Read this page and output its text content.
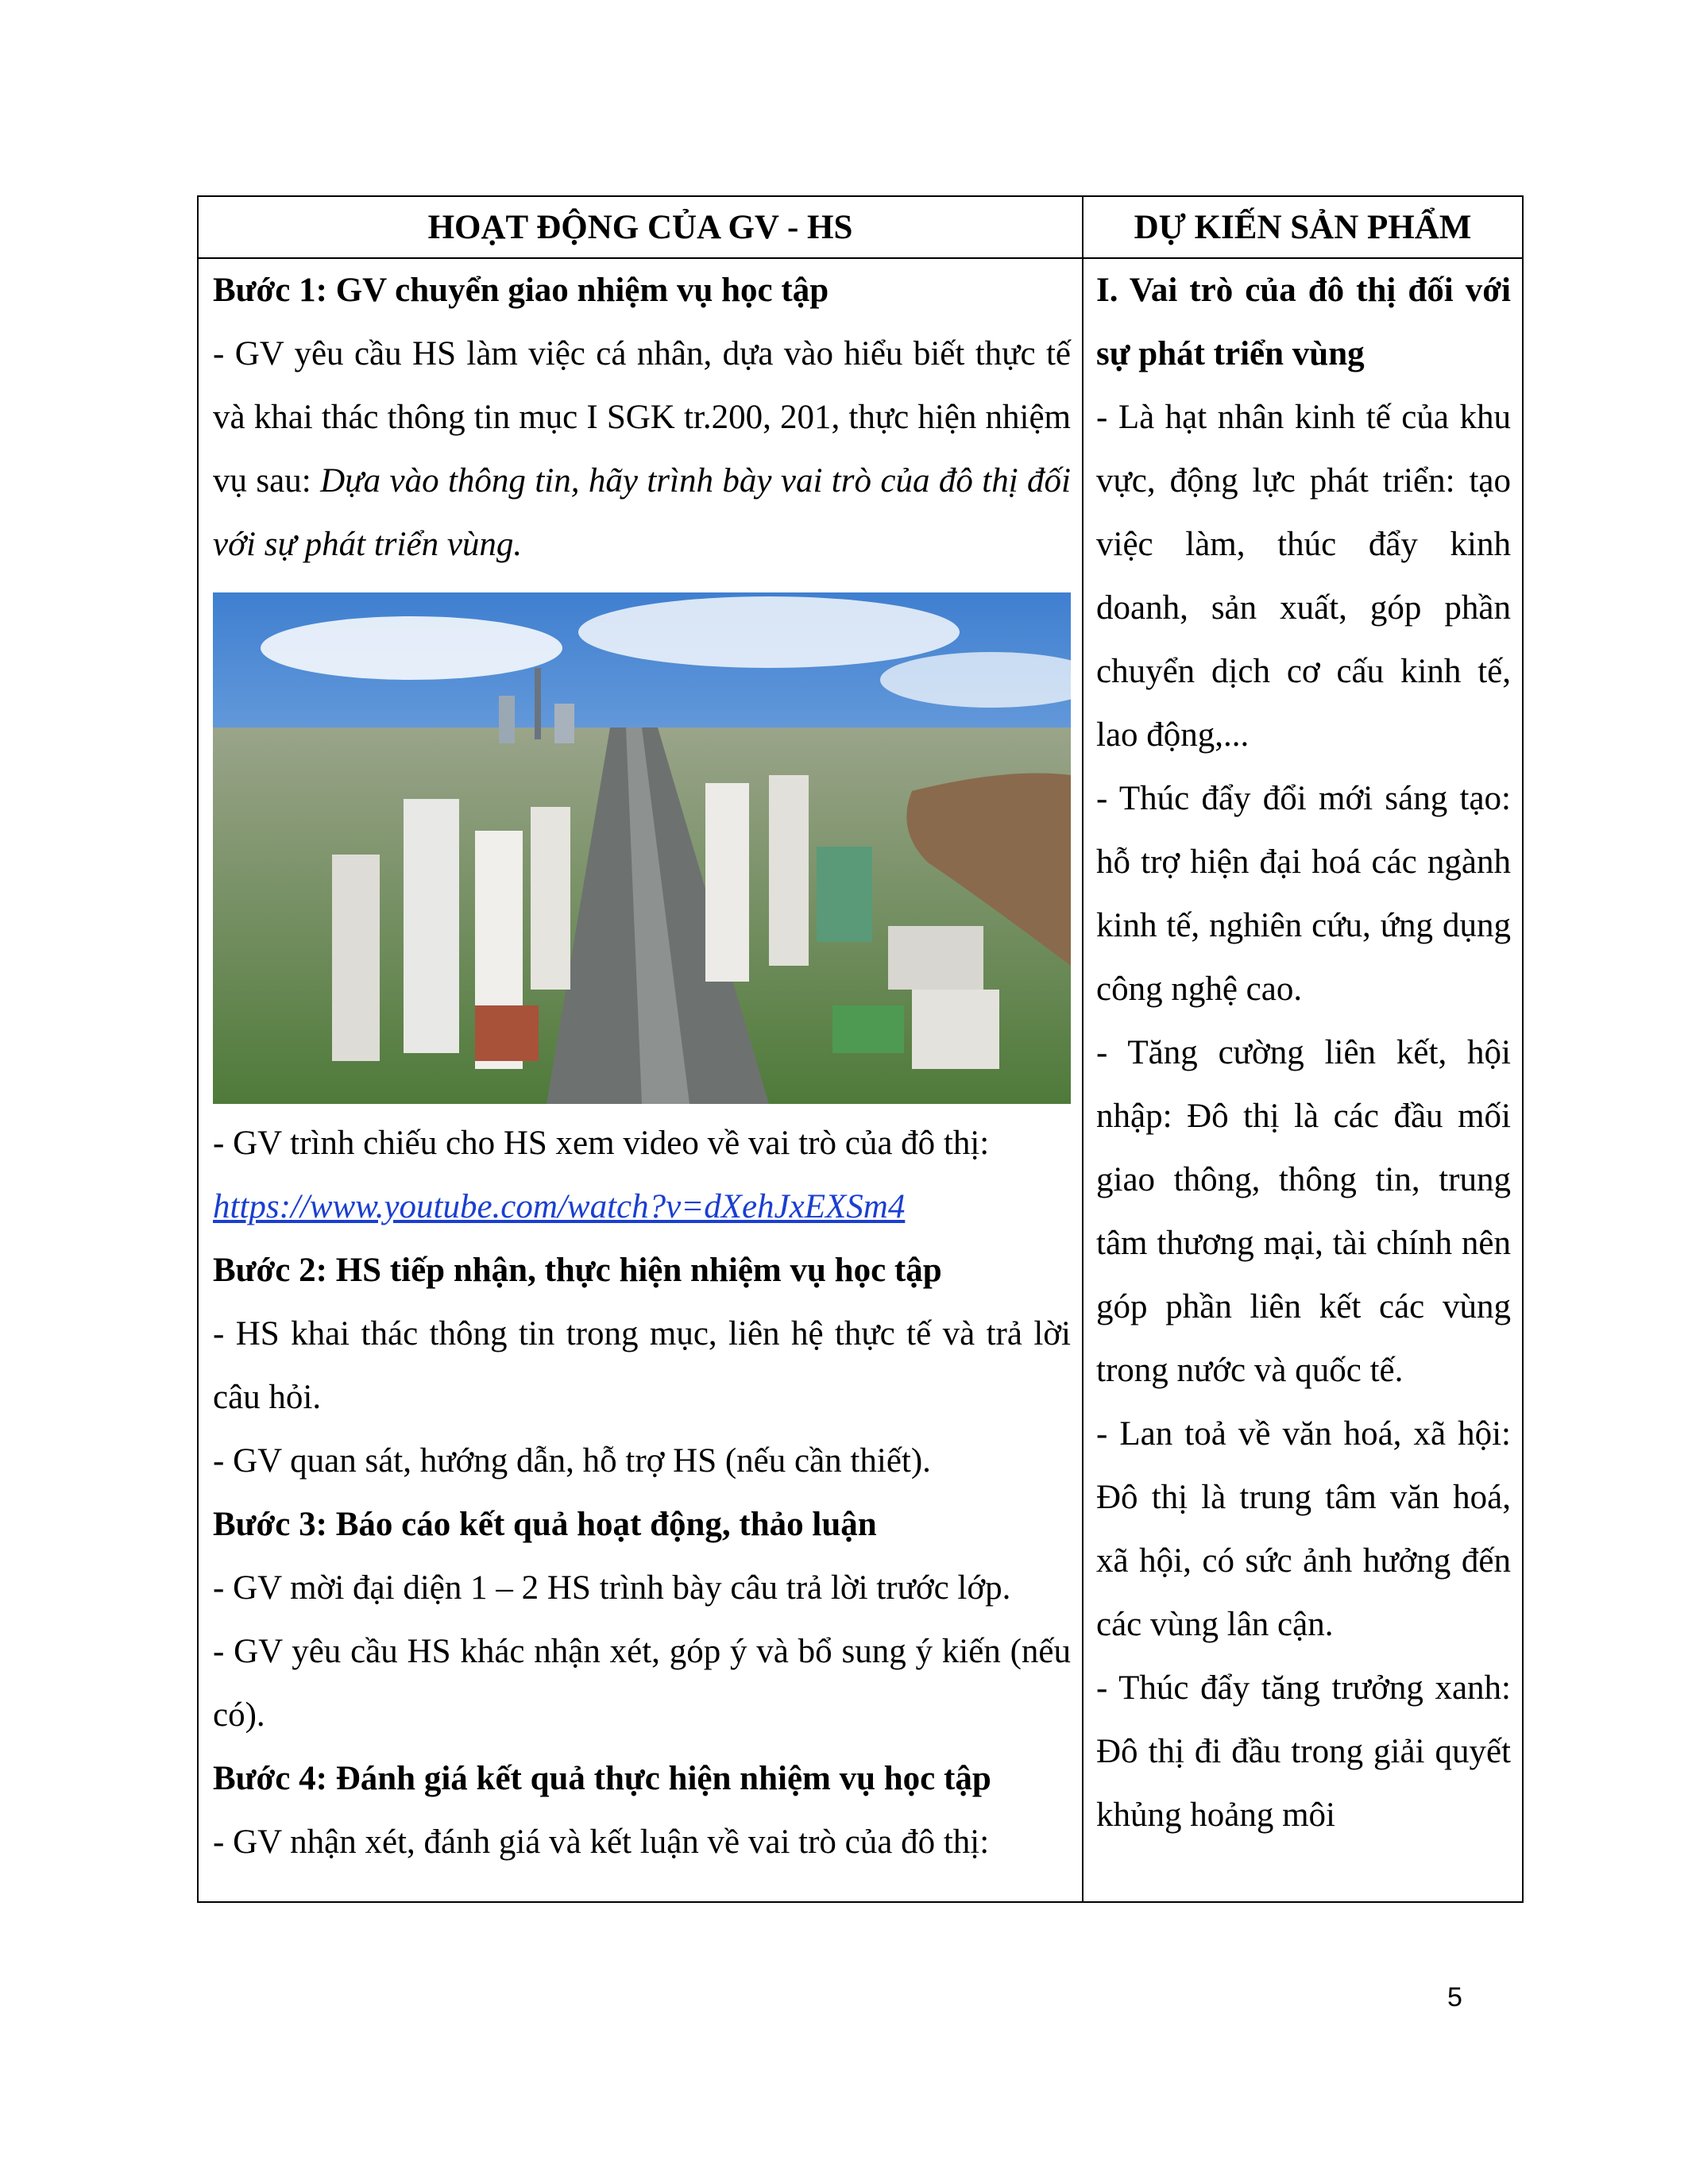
HOẠT ĐỘNG CỦA GV - HS	DỰ KIẾN SẢN PHẨM

Bước 1: GV chuyển giao nhiệm vụ học tập

- GV yêu cầu HS làm việc cá nhân, dựa vào hiểu biết thực tế và khai thác thông tin mục I SGK tr.200, 201, thực hiện nhiệm vụ sau: Dựa vào thông tin, hãy trình bày vai trò của đô thị đối với sự phát triển vùng.

- GV trình chiếu cho HS xem video về vai trò của đô thị:

https://www.youtube.com/watch?v=dXehJxEXSm4

Bước 2: HS tiếp nhận, thực hiện nhiệm vụ học tập

- HS khai thác thông tin trong mục, liên hệ thực tế và trả lời câu hỏi.

- GV quan sát, hướng dẫn, hỗ trợ HS (nếu cần thiết).

Bước 3: Báo cáo kết quả hoạt động, thảo luận

- GV mời đại diện 1 – 2 HS trình bày câu trả lời trước lớp.

- GV yêu cầu HS khác nhận xét, góp ý và bổ sung ý kiến (nếu có).

Bước 4: Đánh giá kết quả thực hiện nhiệm vụ học tập

- GV nhận xét, đánh giá và kết luận về vai trò của đô thị:

I. Vai trò của đô thị đối với sự phát triển vùng

- Là hạt nhân kinh tế của khu vực, động lực phát triển: tạo việc làm, thúc đẩy kinh doanh, sản xuất, góp phần chuyển dịch cơ cấu kinh tế, lao động,...

- Thúc đẩy đổi mới sáng tạo: hỗ trợ hiện đại hoá các ngành kinh tế, nghiên cứu, ứng dụng công nghệ cao.

- Tăng cường liên kết, hội nhập: Đô thị là các đầu mối giao thông, thông tin, trung tâm thương mại, tài chính nên góp phần liên kết các vùng trong nước và quốc tế.

- Lan toả về văn hoá, xã hội: Đô thị là trung tâm văn hoá, xã hội, có sức ảnh hưởng đến các vùng lân cận.

- Thúc đẩy tăng trưởng xanh: Đô thị đi đầu trong giải quyết khủng hoảng môi

5
